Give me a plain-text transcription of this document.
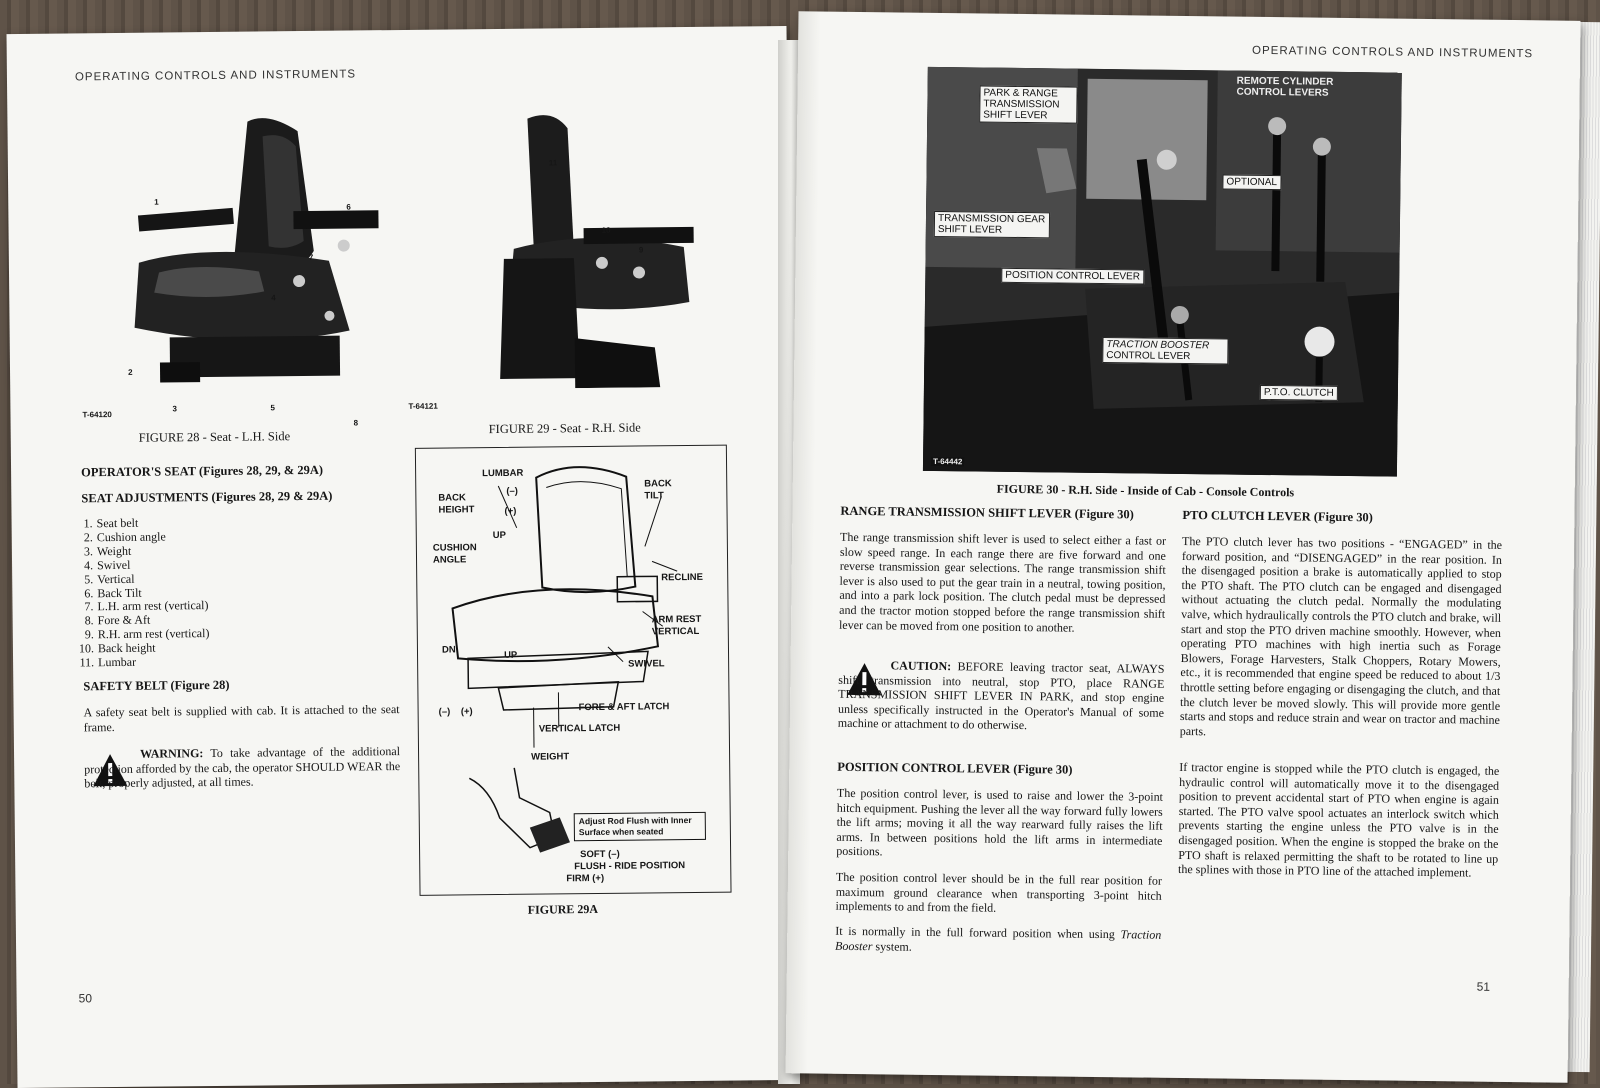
OPERATING CONTROLS AND INSTRUMENTS
1
2
3
4
5
6
7
8
T-64120
FIGURE 28 - Seat - L.H. Side
11
10
9
T-64121
FIGURE 29 - Seat - R.H. Side
OPERATOR'S SEAT (Figures 28, 29, & 29A)
SEAT ADJUSTMENTS (Figures 28, 29 & 29A)
1. Seat belt
2. Cushion angle
3. Weight
4. Swivel
5. Vertical
6. Back Tilt
7. L.H. arm rest (vertical)
8. Fore & Aft
9. R.H. arm rest (vertical)
10. Back height
11. Lumbar
SAFETY BELT (Figure 28)
A safety seat belt is supplied with cab. It is attached to the seat frame.
WARNING: To take advantage of the additional protection afforded by the cab, the operator SHOULD WEAR the belt, properly adjusted, at all times.
LUMBAR
(–)
BACK HEIGHT	(+)
UP
BACK TILT
CUSHION ANGLE
RECLINE
ARM REST VERTICAL
DN	UP
SWIVEL
FORE & AFT LATCH
(–)    (+)
VERTICAL LATCH
WEIGHT
Adjust Rod Flush with Inner Surface when seated
SOFT (–)
FLUSH - RIDE POSITION
FIRM (+)
FIGURE 29A
50
OPERATING CONTROLS AND INSTRUMENTS
PARK & RANGE TRANSMISSION SHIFT LEVER
REMOTE CYLINDER CONTROL LEVERS
OPTIONAL
TRANSMISSION GEAR SHIFT LEVER
POSITION CONTROL LEVER
TRACTION BOOSTER
CONTROL LEVER
P.T.O. CLUTCH
T-64442
FIGURE 30 - R.H. Side - Inside of Cab - Console Controls
RANGE TRANSMISSION SHIFT LEVER (Figure 30)
The range transmission shift lever is used to select either a fast or slow speed range. In each range there are five forward and one reverse transmission gear selections. The range transmission shift lever is also used to put the gear train in a neutral, towing position, and into a park lock position. The clutch pedal must be depressed and the tractor motion stopped before the range transmission shift lever can be moved from one position to another.
CAUTION: BEFORE leaving tractor seat, ALWAYS shift transmission into neutral, stop PTO, place RANGE TRANSMISSION SHIFT LEVER IN PARK, and stop engine unless specifically instructed in the Operator's Manual of some machine or attachment to do otherwise.
POSITION CONTROL LEVER (Figure 30)
The position control lever, is used to raise and lower the 3-point hitch equipment. Pushing the lever all the way forward fully lowers the lift arms; moving it all the way rearward fully raises the lift arms. In between positions hold the lift arms in intermediate positions.
The position control lever should be in the full rear position for maximum ground clearance when transporting 3-point hitch implements to and from the field.
It is normally in the full forward position when using Traction Booster system.
PTO CLUTCH LEVER (Figure 30)
The PTO clutch lever has two positions - “ENGAGED” in the forward position, and “DISENGAGED” in the rear position. In the disengaged position a brake is automatically applied to stop the PTO shaft. The PTO clutch can be engaged and disengaged without actuating the clutch pedal. Normally the modulating valve, which hydraulically controls the PTO clutch and brake, will start and stop the PTO driven machine smoothly. However, when operating PTO machines with high inertia such as Forage Blowers, Forage Harvesters, Stalk Choppers, Rotary Mowers, etc., it is recommended that engine speed be reduced to about 1/3 throttle setting before engaging or disengaging the clutch, and that the clutch lever be moved slowly. This will provide more gentle starts and stops and reduce strain and wear on tractor and machine parts.
If tractor engine is stopped while the PTO clutch is engaged, the hydraulic control will automatically move it to the disengaged position to prevent accidental start of PTO when engine is again started. The PTO valve spool actuates an interlock switch which prevents starting the engine unless the PTO valve is in the disengaged position. When the engine is stopped the brake on the PTO shaft is relaxed permitting the shaft to be rotated to line up the splines with those in PTO line of the attached implement.
51
